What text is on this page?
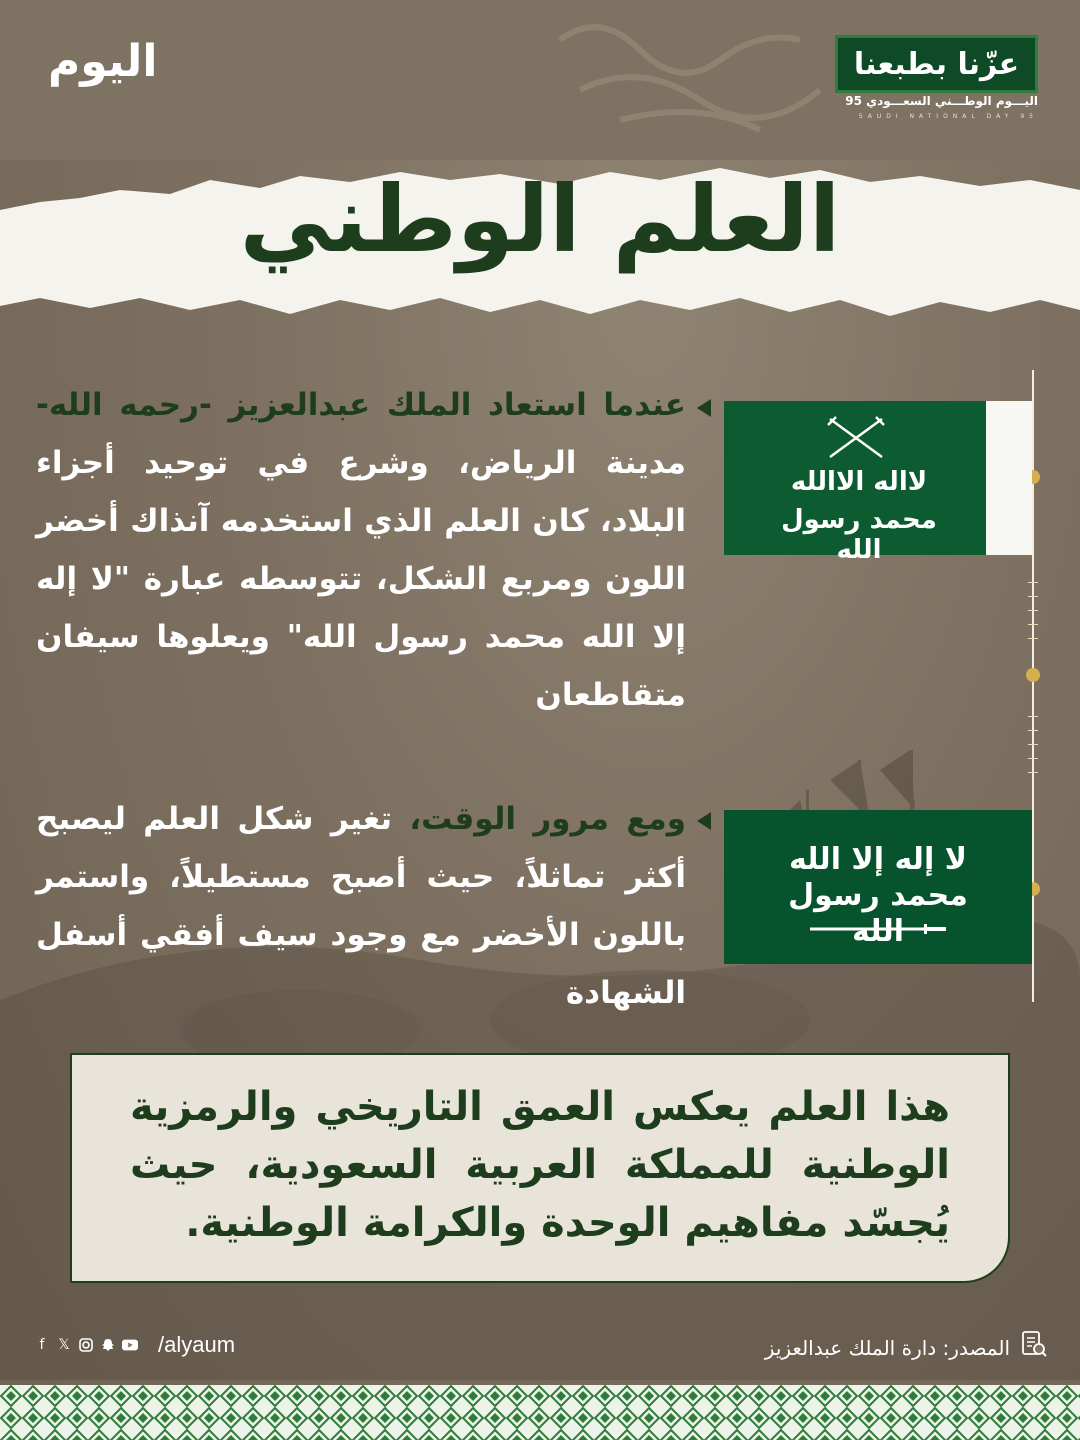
اليوم	عزّنا بطبعنا
اليـــوم الوطـــني السعـــودي 95
SAUDI NATIONAL DAY 95
العلم الوطني
لااله الاالله
محمد رسول الله
لا إله إلا الله محمد رسول الله
عندما استعاد الملك عبدالعزيز -رحمه الله- مدينة الرياض، وشرع في توحيد أجزاء البلاد، كان العلم الذي استخدمه آنذاك أخضر اللون ومربع الشكل، تتوسطه عبارة "لا إله إلا الله محمد رسول الله" ويعلوها سيفان متقاطعان
ومع مرور الوقت، تغير شكل العلم ليصبح أكثر تماثلاً، حيث أصبح مستطيلاً، واستمر باللون الأخضر مع وجود سيف أفقي أسفل الشهادة
هذا العلم يعكس العمق التاريخي والرمزية الوطنية للمملكة العربية السعودية، حيث يُجسّد مفاهيم الوحدة والكرامة الوطنية.
f 𝕏	/alyaum	المصدر: دارة الملك عبدالعزيز
